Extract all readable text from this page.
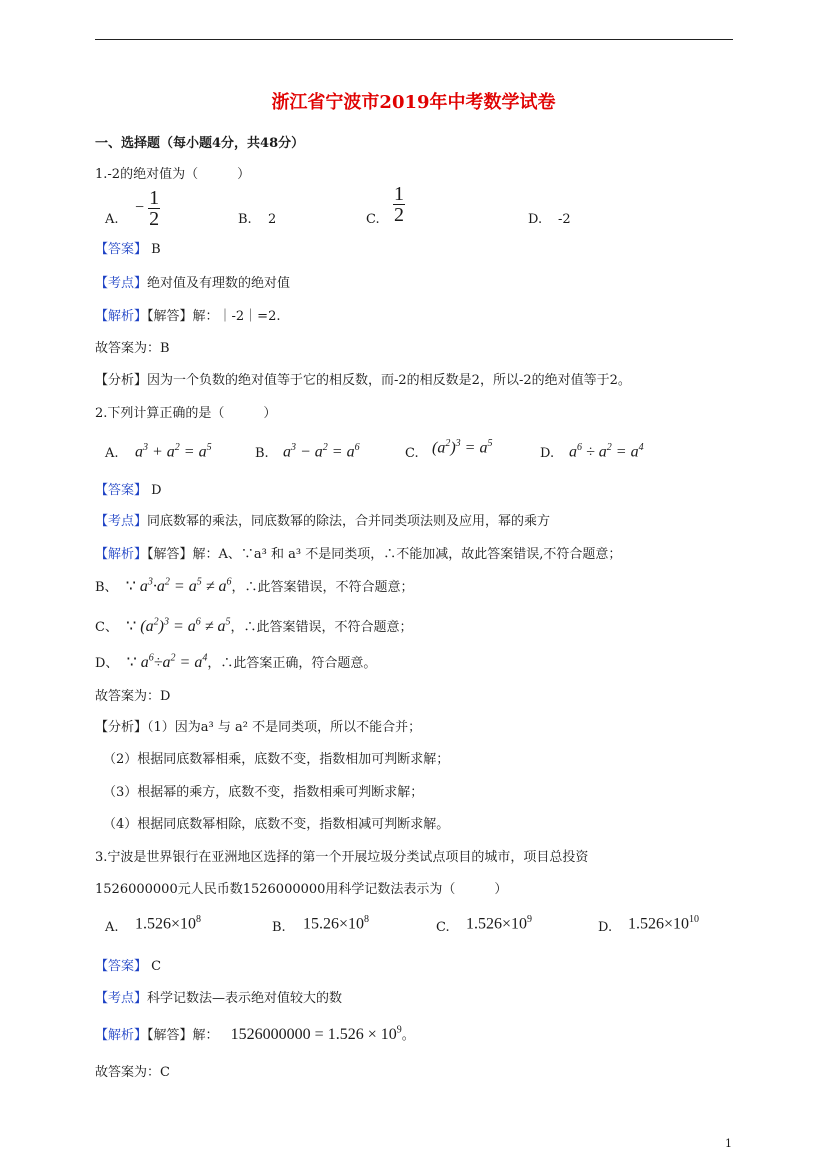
浙江省宁波市2019年中考数学试卷
一、选择题（每小题4分，共48分）
1.-2的绝对值为（　　　）
A.
− $\frac{1}{2}$	B. 2	C. $\frac{1}{2}$	D. -2
【答案】 B
【考点】绝对值及有理数的绝对值
【解析】【解答】解：｜-2｜=2.
故答案为：B
【分析】因为一个负数的绝对值等于它的相反数，而-2的相反数是2，所以-2的绝对值等于2。
2.下列计算正确的是（　　　）
A. $a^3 + a^2 = a^5$	B. $a^3 - a^2 = a^6$	C. $(a^2)^3 = a^5$
D. $a^6 \div a^2 = a^4$
【答案】 D
【考点】同底数幂的乘法，同底数幂的除法，合并同类项法则及应用，幂的乘方
【解析】【解答】解：A、∵a³ 和 a³ 不是同类项，∴不能加减，故此答案错误,不符合题意；
B、  ∵ $a^3\cdot a^2 = a^5 \ne a^6$，∴此答案错误，不符合题意；
C、  ∵ $(a^2)^3 = a^6 \ne a^5$，∴此答案错误，不符合题意；
D、  ∵ $a^6\div a^2 = a^4$，∴此答案正确，符合题意。
故答案为：D
【分析】（1）因为a³ 与 a² 不是同类项，所以不能合并；
（2）根据同底数幂相乘，底数不变，指数相加可判断求解；
（3）根据幂的乘方，底数不变，指数相乘可判断求解；
（4）根据同底数幂相除，底数不变，指数相减可判断求解。
3.宁波是世界银行在亚洲地区选择的第一个开展垃圾分类试点项目的城市，项目总投资
1526000000元人民币数1526000000用科学记数法表示为（　　　）
A. $1.526\times 10^8$
B. $15.26\times 10^8$
C. $1.526\times 10^9$
D. $1.526\times 10^{10}$
【答案】 C
【考点】科学记数法—表示绝对值较大的数
【解析】【解答】解：   $1526000000 = 1.526 \times 10^9$。
故答案为：C
1
